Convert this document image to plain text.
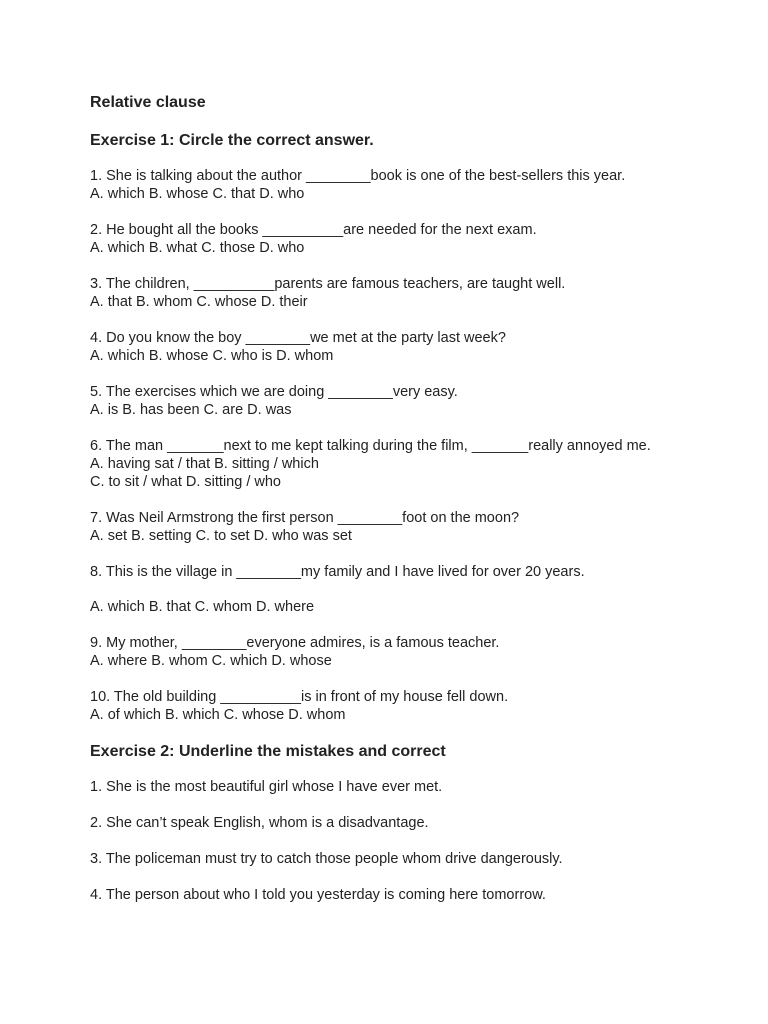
Relative clause
Exercise 1: Circle the correct answer.
1. She is talking about the author ________book is one of the best-sellers this year.
A. which B. whose C. that D. who
2. He bought all the books __________are needed for the next exam.
A. which B. what C. those D. who
3. The children, __________parents are famous teachers, are taught well.
A. that B. whom C. whose D. their
4. Do you know the boy ________we met at the party last week?
A. which B. whose C. who is D. whom
5. The exercises which we are doing ________very easy.
A. is B. has been C. are D. was
6. The man _______next to me kept talking during the film, _______really annoyed me.
A. having sat / that B. sitting / which
C. to sit / what D. sitting / who
7. Was Neil Armstrong the first person ________foot on the moon?
A. set B. setting C. to set D. who was set
8. This is the village in ________my family and I have lived for over 20 years.
A. which B. that C. whom D. where
9. My mother, ________everyone admires, is a famous teacher.
A. where B. whom C. which D. whose
10. The old building __________is in front of my house fell down.
A. of which B. which C. whose D. whom
Exercise 2: Underline the mistakes and correct
1. She is the most beautiful girl whose I have ever met.
2. She can’t speak English, whom is a disadvantage.
3. The policeman must try to catch those people whom drive dangerously.
4. The person about who I told you yesterday is coming here tomorrow.
